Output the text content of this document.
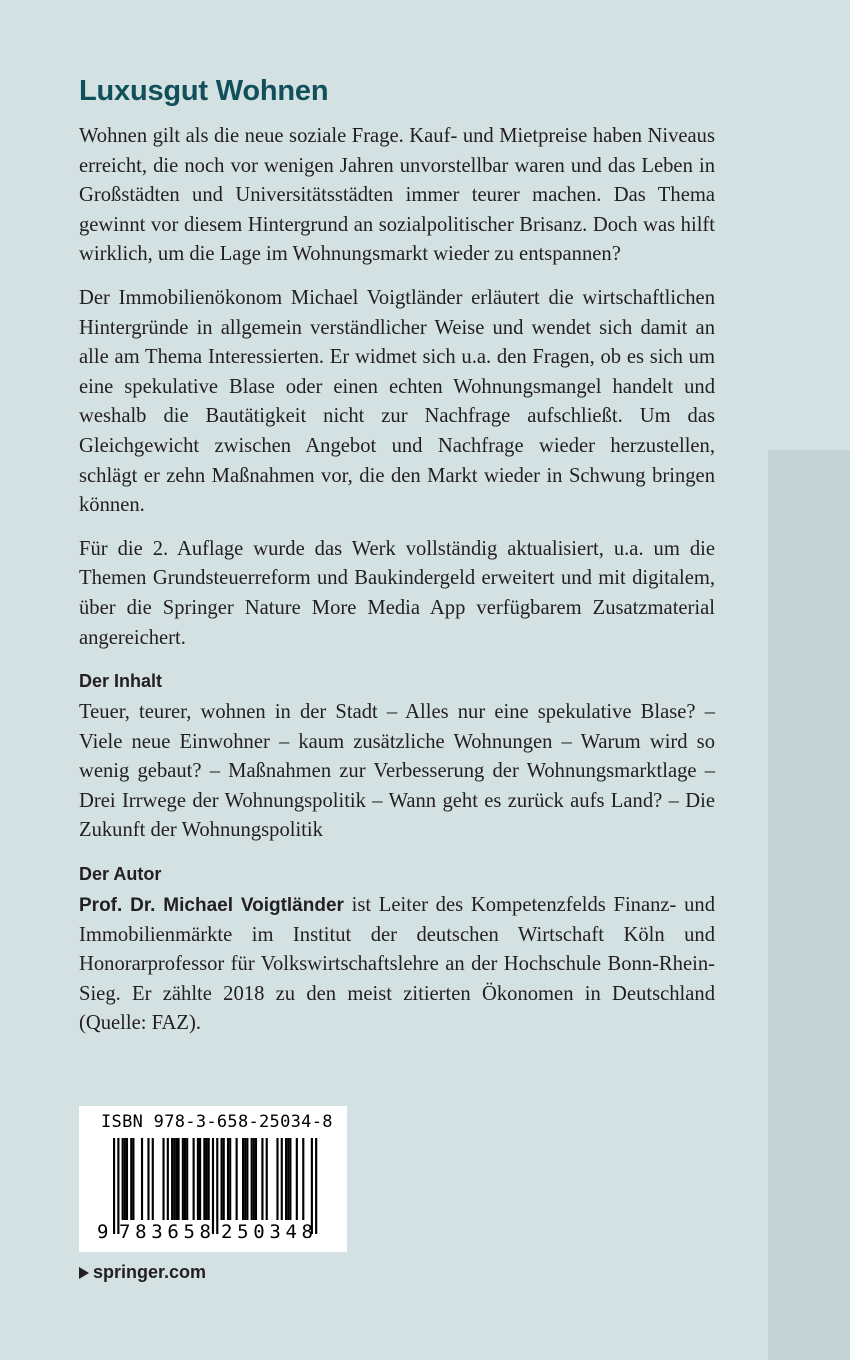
Luxusgut Wohnen

Wohnen gilt als die neue soziale Frage. Kauf- und Mietpreise haben Niveaus erreicht, die noch vor wenigen Jahren unvorstellbar waren und das Leben in Großstädten und Universitätsstädten immer teurer machen. Das Thema gewinnt vor diesem Hintergrund an sozialpolitischer Brisanz. Doch was hilft wirklich, um die Lage im Wohnungsmarkt wieder zu entspannen?

Der Immobilienökonom Michael Voigtländer erläutert die wirtschaftlichen Hintergründe in allgemein verständlicher Weise und wendet sich damit an alle am Thema Interessierten. Er widmet sich u.a. den Fragen, ob es sich um eine spekulative Blase oder einen echten Wohnungsmangel handelt und weshalb die Bautätigkeit nicht zur Nachfrage aufschließt. Um das Gleichgewicht zwischen Angebot und Nachfrage wieder herzustellen, schlägt er zehn Maßnahmen vor, die den Markt wieder in Schwung bringen können.

Für die 2. Auflage wurde das Werk vollständig aktualisiert, u.a. um die Themen Grundsteuerreform und Baukindergeld erweitert und mit digitalem, über die Springer Nature More Media App verfügbarem Zusatzmaterial angereichert.

Der Inhalt

Teuer, teurer, wohnen in der Stadt – Alles nur eine spekulative Blase? – Viele neue Einwohner – kaum zusätzliche Wohnungen – Warum wird so wenig gebaut? – Maßnahmen zur Verbesserung der Wohnungsmarktlage – Drei Irrwege der Wohnungspolitik – Wann geht es zurück aufs Land? – Die Zukunft der Wohnungspolitik

Der Autor

Prof. Dr. Michael Voigtländer ist Leiter des Kompetenzfelds Finanz- und Immobilienmärkte im Institut der deutschen Wirtschaft Köln und Honorarprofessor für Volkswirtschaftslehre an der Hochschule Bonn-Rhein- Sieg. Er zählte 2018 zu den meist zitierten Ökonomen in Deutschland (Quelle: FAZ).

ISBN 978-3-658-25034-8
9 783658 250348
springer.com
